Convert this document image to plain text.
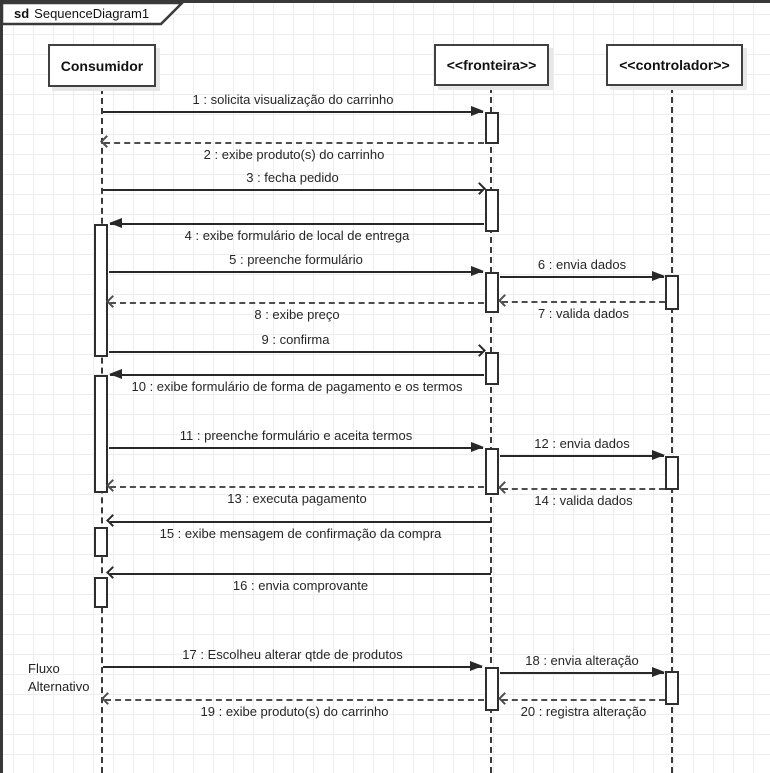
sd SequenceDiagram1
Fluxo Alternativo
Consumidor	<<fronteira>>	<<controlador>>
1 : solicita visualização do carrinho
2 : exibe produto(s) do carrinho
3 : fecha pedido
4 : exibe formulário de local de entrega
5 : preenche formulário	6 : envia dados
7 : valida dados
8 : exibe preço
9 : confirma
10 : exibe formulário de forma de pagamento e os termos
11 : preenche formulário e aceita termos
12 : envia dados
13 : executa pagamento	14 : valida dados
15 : exibe mensagem de confirmação da compra
16 : envia comprovante
17 : Escolheu alterar qtde de produtos	18 : envia alteração
19 : exibe produto(s) do carrinho	20 : registra alteração
